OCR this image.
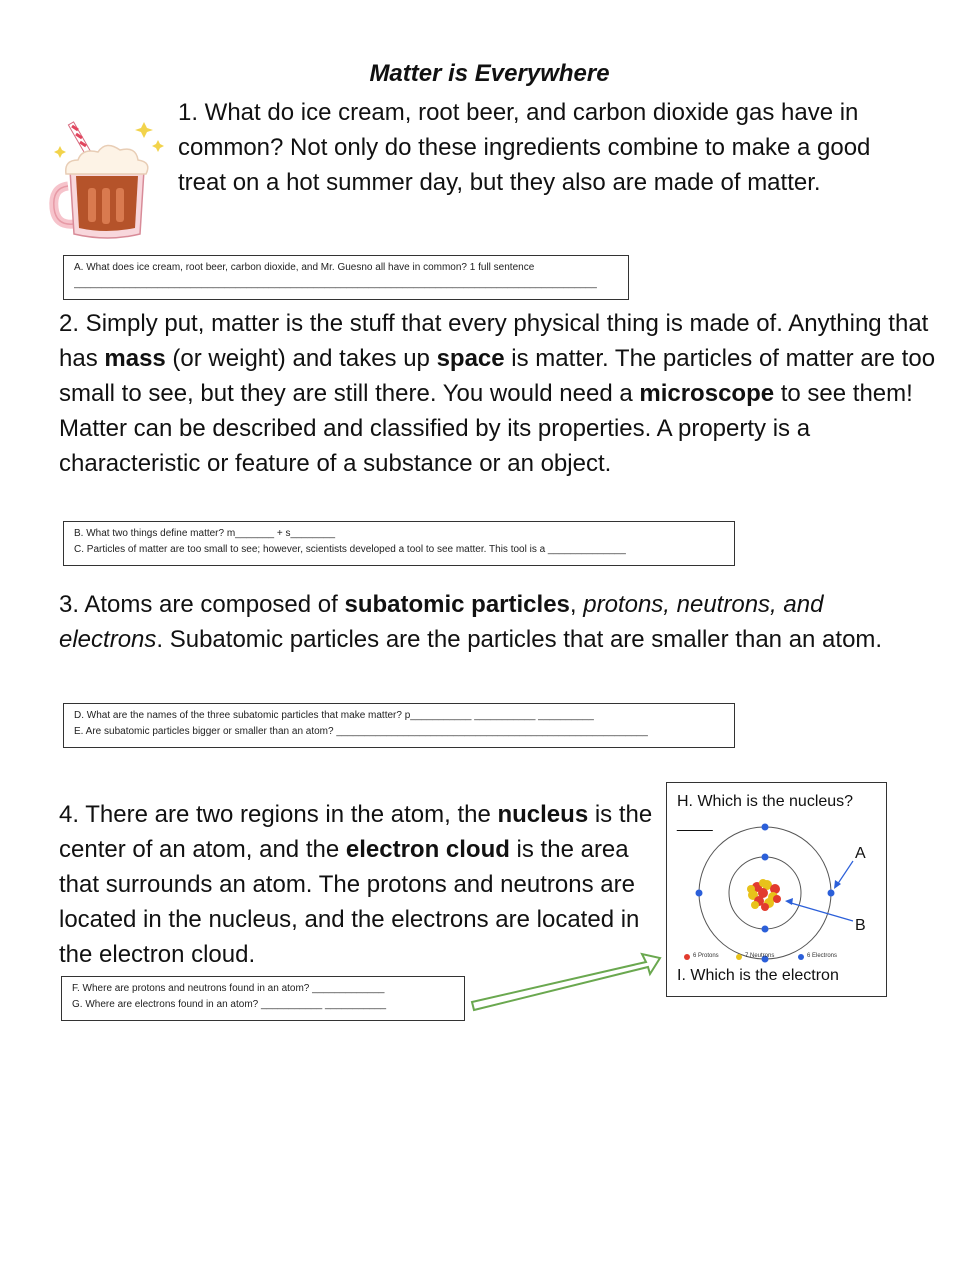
Matter is Everywhere
1. What do ice cream, root beer, and carbon dioxide gas have in common? Not only do these ingredients combine to make a good treat on a hot summer day, but they also are made of matter.
A. What does ice cream, root beer, carbon dioxide, and Mr. Guesno all have in common? 1 full sentence
______________________________________________________________________________________________
2. Simply put, matter is the stuff that every physical thing is made of. Anything that has mass (or weight) and takes up space is matter. The particles of matter are too small to see, but they are still there. You would need a microscope to see them! Matter can be described and classified by its properties. A property is a characteristic or feature of a substance or an object.
B. What two things define matter? m_______ + s________
C. Particles of matter are too small to see; however, scientists developed a tool to see matter. This tool is a ______________
3. Atoms are composed of subatomic particles, protons, neutrons, and electrons. Subatomic particles are the particles that are smaller than an atom.
D. What are the names of the three subatomic particles that make matter? p___________ ___________ __________
E. Are subatomic particles bigger or smaller than an atom? ________________________________________________________
4. There are two regions in the atom, the nucleus is the center of an atom, and the electron cloud is the area that surrounds an atom. The protons and neutrons are located in the nucleus, and the electrons are located in the electron cloud.
F. Where are protons and neutrons found in an atom? _____________
G. Where are electrons found in an atom? ___________ ___________
H. Which is the nucleus?
____
A
B
6 Protons	7 Neutrons	6 Electrons
I. Which is the electron
